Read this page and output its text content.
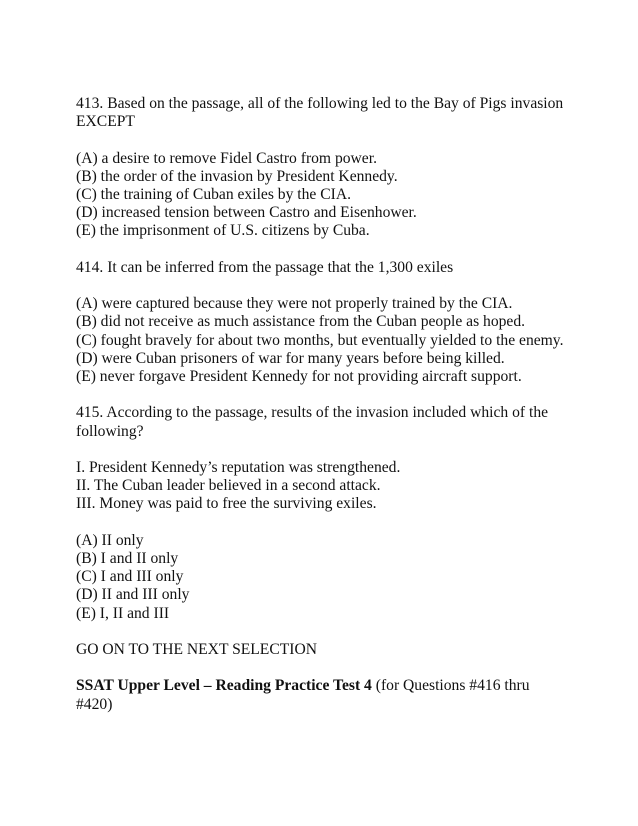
413. Based on the passage, all of the following led to the Bay of Pigs invasion EXCEPT

(A) a desire to remove Fidel Castro from power.

(B) the order of the invasion by President Kennedy.

(C) the training of Cuban exiles by the CIA.

(D) increased tension between Castro and Eisenhower.

(E) the imprisonment of U.S. citizens by Cuba.

414. It can be inferred from the passage that the 1,300 exiles

(A) were captured because they were not properly trained by the CIA.

(B) did not receive as much assistance from the Cuban people as hoped.

(C) fought bravely for about two months, but eventually yielded to the enemy.

(D) were Cuban prisoners of war for many years before being killed.

(E) never forgave President Kennedy for not providing aircraft support.

415. According to the passage, results of the invasion included which of the following?

I. President Kennedy’s reputation was strengthened.

II. The Cuban leader believed in a second attack.

III. Money was paid to free the surviving exiles.

(A) II only

(B) I and II only

(C) I and III only

(D) II and III only

(E) I, II and III

GO ON TO THE NEXT SELECTION

SSAT Upper Level – Reading Practice Test 4 (for Questions #416 thru #420)
